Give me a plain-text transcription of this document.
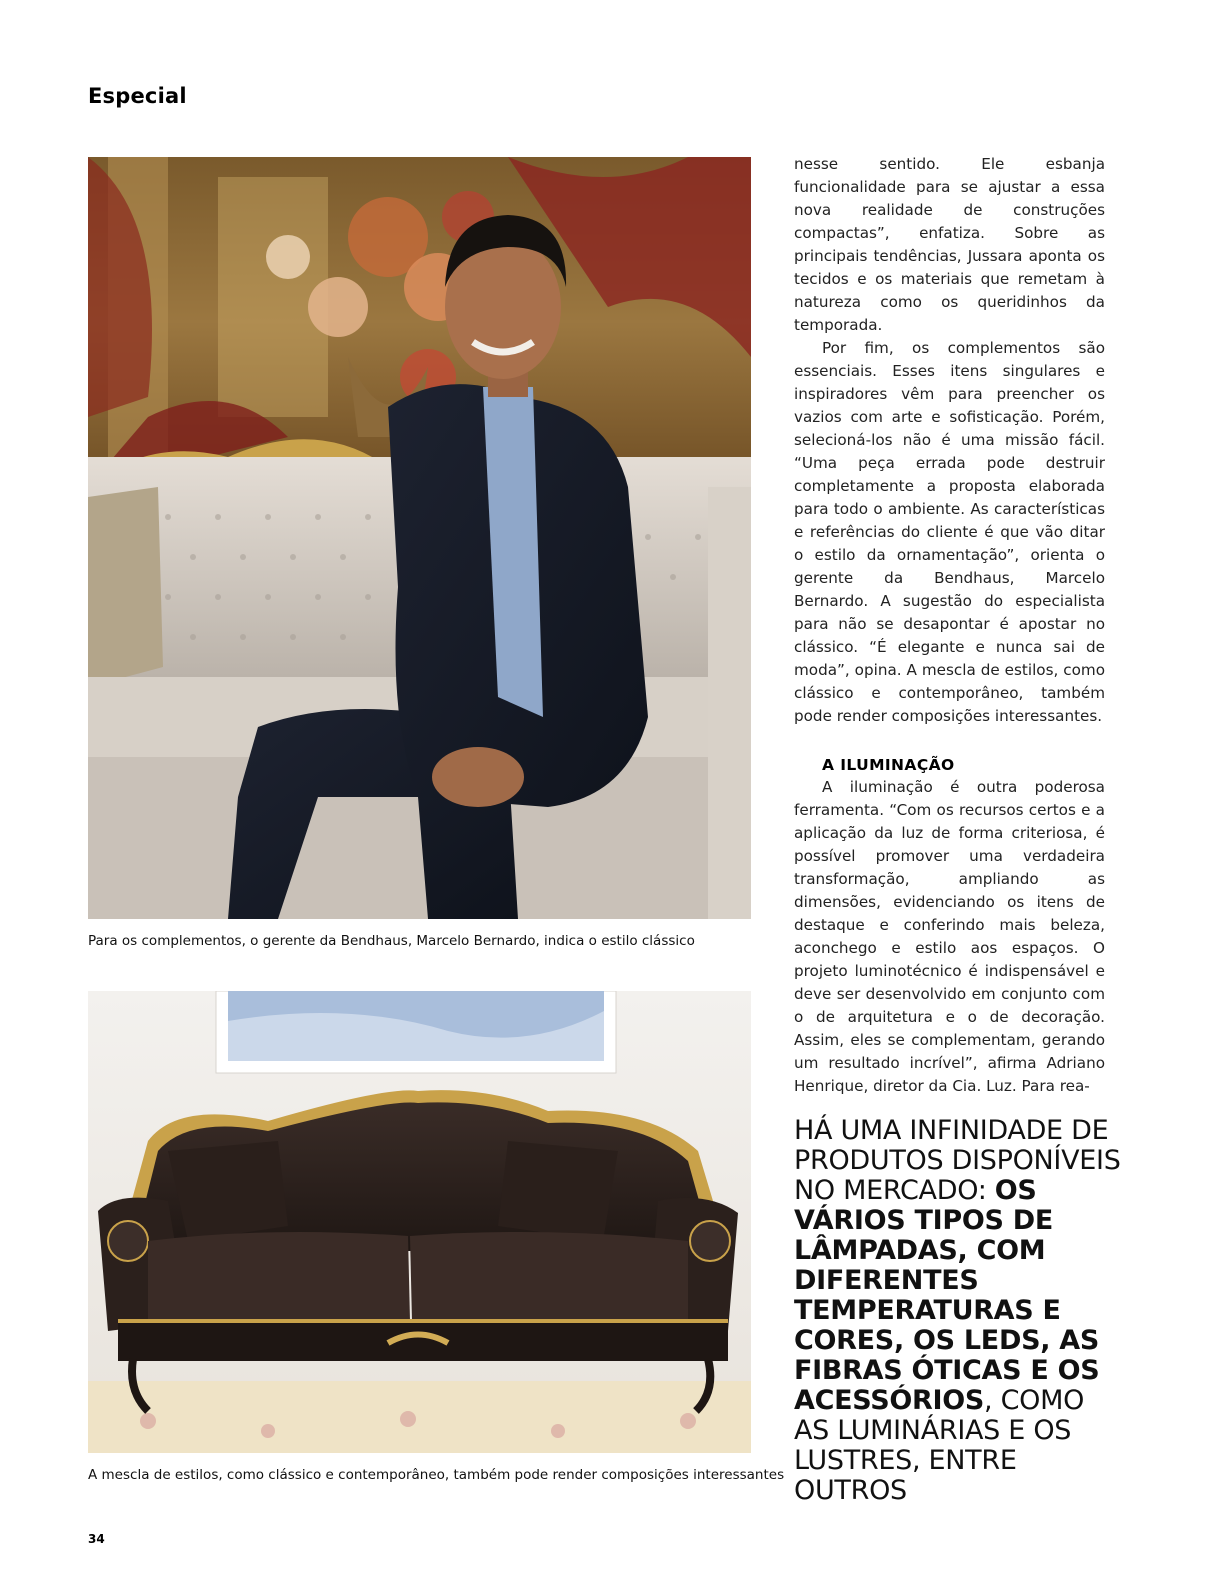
Especial
Para os complementos, o gerente da Bendhaus, Marcelo Bernardo, indica o estilo clássico
A mescla de estilos, como clássico e contemporâneo, também pode render composições interessantes
34

nesse sentido. Ele esbanja funcionalidade para se ajustar a essa nova realidade de construções compactas”, enfatiza. Sobre as principais tendências, Jussara aponta os tecidos e os materiais que remetam à natureza como os queridinhos da temporada.

Por fim, os complementos são essenciais. Esses itens singulares e inspiradores vêm para preencher os vazios com arte e sofisticação. Porém, selecioná-los não é uma missão fácil. “Uma peça errada pode destruir completamente a proposta elaborada para todo o ambiente. As características e referências do cliente é que vão ditar o estilo da ornamentação”, orienta o gerente da Bendhaus, Marcelo Bernardo. A sugestão do especialista para não se desapontar é apostar no clássico. “É elegante e nunca sai de moda”, opina. A mescla de estilos, como clássico e contemporâneo, também pode render composições interessantes.

A ILUMINAÇÃO

A iluminação é outra poderosa ferramenta. “Com os recursos certos e a aplicação da luz de forma criteriosa, é possível promover uma verdadeira transformação, ampliando as dimensões, evidenciando os itens de destaque e conferindo mais beleza, aconchego e estilo aos espaços. O projeto luminotécnico é indispensável e deve ser desenvolvido em conjunto com o de arquitetura e o de decoração. Assim, eles se complementam, gerando um resultado incrível”, afirma Adriano Henrique, diretor da Cia. Luz. Para rea-

HÁ UMA INFINIDADE DE PRODUTOS DISPONÍVEIS NO MERCADO: OS VÁRIOS TIPOS DE LÂMPADAS, COM DIFERENTES TEMPERATURAS E CORES, OS LEDS, AS FIBRAS ÓTICAS E OS ACESSÓRIOS, COMO AS LUMINÁRIAS E OS LUSTRES, ENTRE OUTROS
